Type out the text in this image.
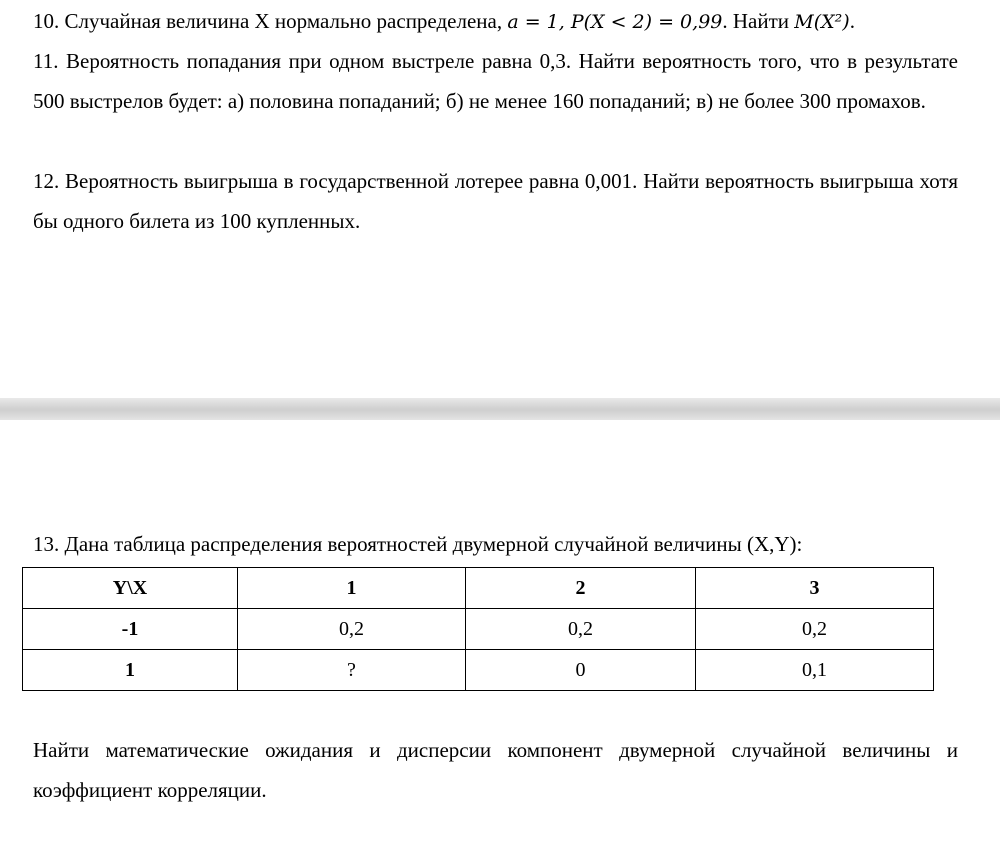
10. Случайная величина X нормально распределена, a = 1, P(X < 2) = 0,99. Найти M(X²).

11. Вероятность попадания при одном выстреле равна 0,3. Найти вероятность того, что в результате 500 выстрелов будет: а) половина попаданий; б) не менее 160 попаданий; в) не более 300 промахов.

12. Вероятность выигрыша в государственной лотерее равна 0,001. Найти вероятность выигрыша хотя бы одного билета из 100 купленных.

13. Дана таблица распределения вероятностей двумерной случайной величины (X,Y):

Y\X	1	2	3
-1	0,2	0,2	0,2
1	?	0	0,1

Найти математические ожидания и дисперсии компонент двумерной случайной величины и коэффициент корреляции.
